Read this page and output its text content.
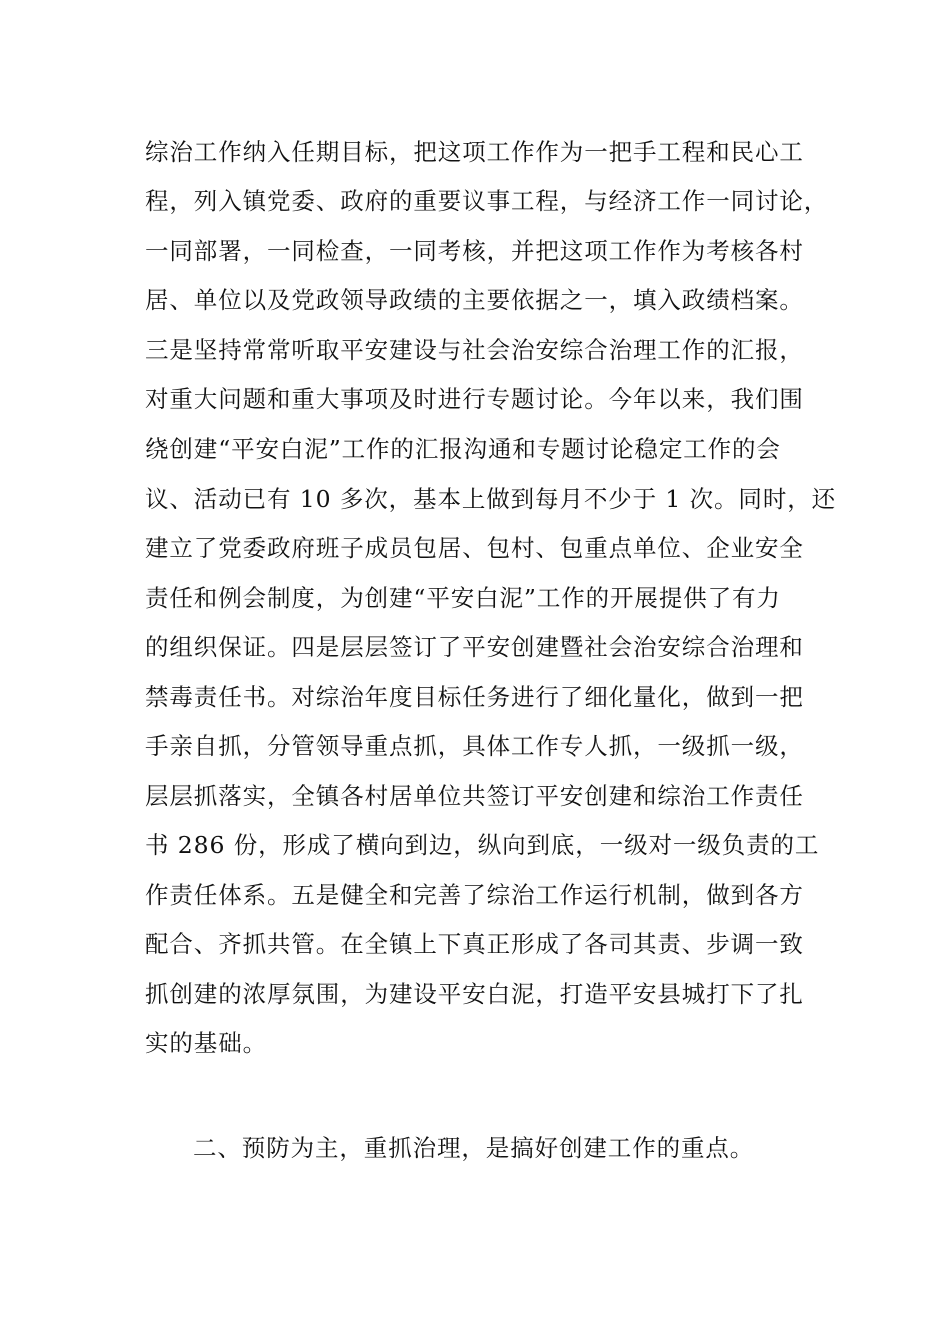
综治工作纳入任期目标，把这项工作作为一把手工程和民心工
程，列入镇党委、政府的重要议事工程，与经济工作一同讨论，
一同部署，一同检查，一同考核，并把这项工作作为考核各村
居、单位以及党政领导政绩的主要依据之一，填入政绩档案。
三是坚持常常听取平安建设与社会治安综合治理工作的汇报，
对重大问题和重大事项及时进行专题讨论。今年以来，我们围
绕创建“平安白泥”工作的汇报沟通和专题讨论稳定工作的会
议、活动已有 10 多次，基本上做到每月不少于 1 次。同时，还
建立了党委政府班子成员包居、包村、包重点单位、企业安全
责任和例会制度，为创建“平安白泥”工作的开展提供了有力
的组织保证。四是层层签订了平安创建暨社会治安综合治理和
禁毒责任书。对综治年度目标任务进行了细化量化，做到一把
手亲自抓，分管领导重点抓，具体工作专人抓，一级抓一级，
层层抓落实，全镇各村居单位共签订平安创建和综治工作责任
书 286 份，形成了横向到边，纵向到底，一级对一级负责的工
作责任体系。五是健全和完善了综治工作运行机制，做到各方
配合、齐抓共管。在全镇上下真正形成了各司其责、步调一致
抓创建的浓厚氛围，为建设平安白泥，打造平安县城打下了扎
实的基础。
二、预防为主，重抓治理，是搞好创建工作的重点。
